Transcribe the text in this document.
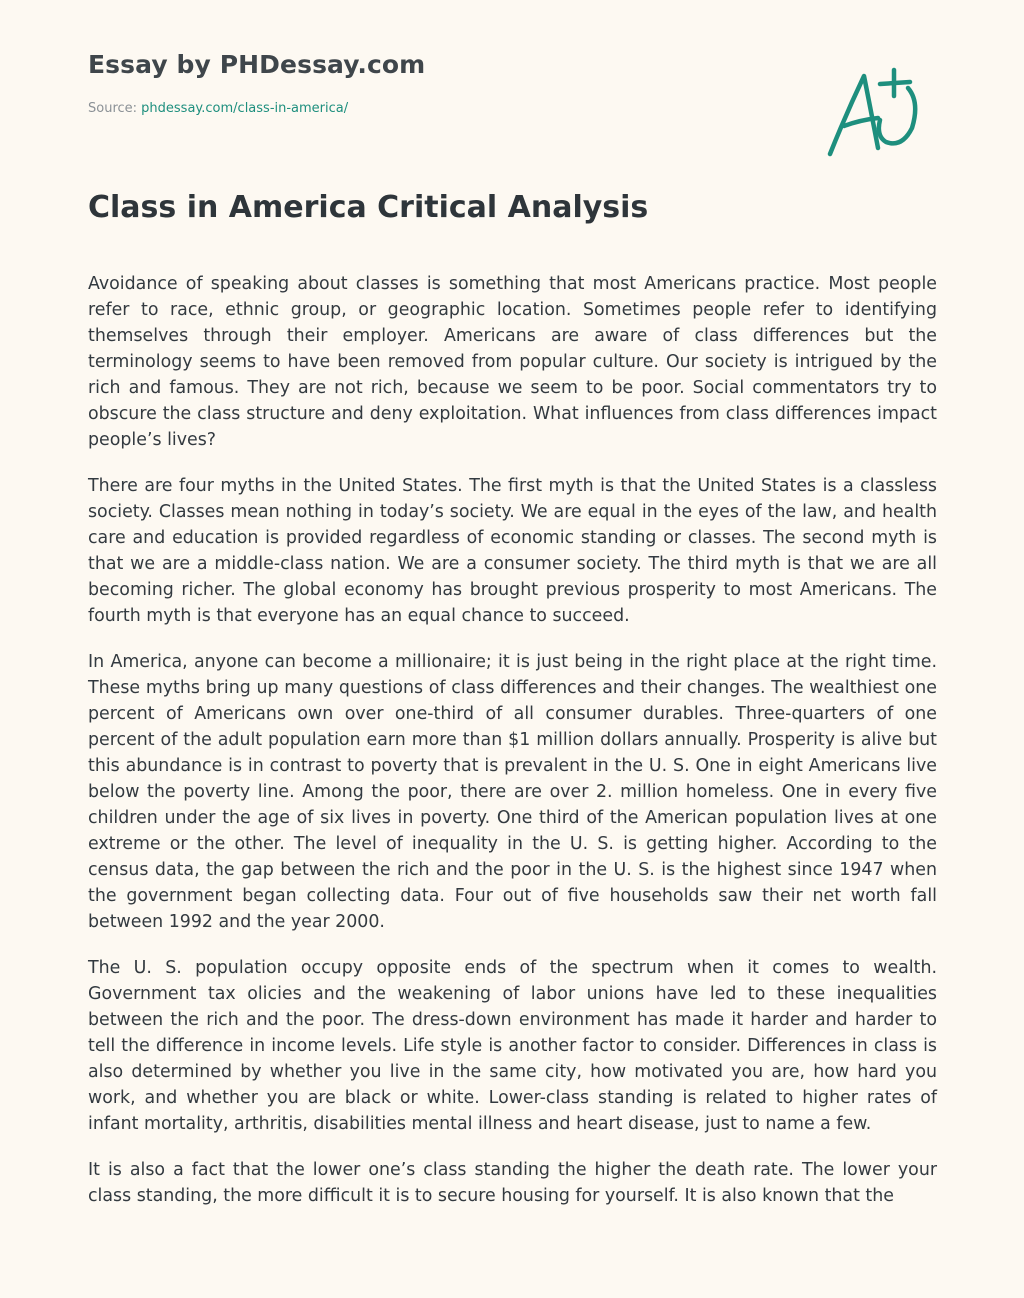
Essay by PHDessay.com
Source: phdessay.com/class-in-america/
Class in America Critical Analysis

Avoidance of speaking about classes is something that most Americans practice. Most people refer to race, ethnic group, or geographic location. Sometimes people refer to identifying themselves through their employer. Americans are aware of class differences but the terminology seems to have been removed from popular culture. Our society is intrigued by the rich and famous. They are not rich, because we seem to be poor. Social commentators try to obscure the class structure and deny exploitation. What influences from class differences impact people’s lives?

There are four myths in the United States. The first myth is that the United States is a classless society. Classes mean nothing in today’s society. We are equal in the eyes of the law, and health care and education is provided regardless of economic standing or classes. The second myth is that we are a middle-class nation. We are a consumer society. The third myth is that we are all becoming richer. The global economy has brought previous prosperity to most Americans. The fourth myth is that everyone has an equal chance to succeed.

In America, anyone can become a millionaire; it is just being in the right place at the right time. These myths bring up many questions of class differences and their changes. The wealthiest one percent of Americans own over one-third of all consumer durables. Three-quarters of one percent of the adult population earn more than $1 million dollars annually. Prosperity is alive but this abundance is in contrast to poverty that is prevalent in the U. S. One in eight Americans live below the poverty line. Among the poor, there are over 2. million homeless. One in every five children under the age of six lives in poverty. One third of the American population lives at one extreme or the other. The level of inequality in the U. S. is getting higher. According to the census data, the gap between the rich and the poor in the U. S. is the highest since 1947 when the government began collecting data. Four out of five households saw their net worth fall between 1992 and the year 2000.

The U. S. population occupy opposite ends of the spectrum when it comes to wealth. Government tax olicies and the weakening of labor unions have led to these inequalities between the rich and the poor. The dress-down environment has made it harder and harder to tell the difference in income levels. Life style is another factor to consider. Differences in class is also determined by whether you live in the same city, how motivated you are, how hard you work, and whether you are black or white. Lower-class standing is related to higher rates of infant mortality, arthritis, disabilities mental illness and heart disease, just to name a few.

It is also a fact that the lower one’s class standing the higher the death rate. The lower your class standing, the more difficult it is to secure housing for yourself. It is also known that the
